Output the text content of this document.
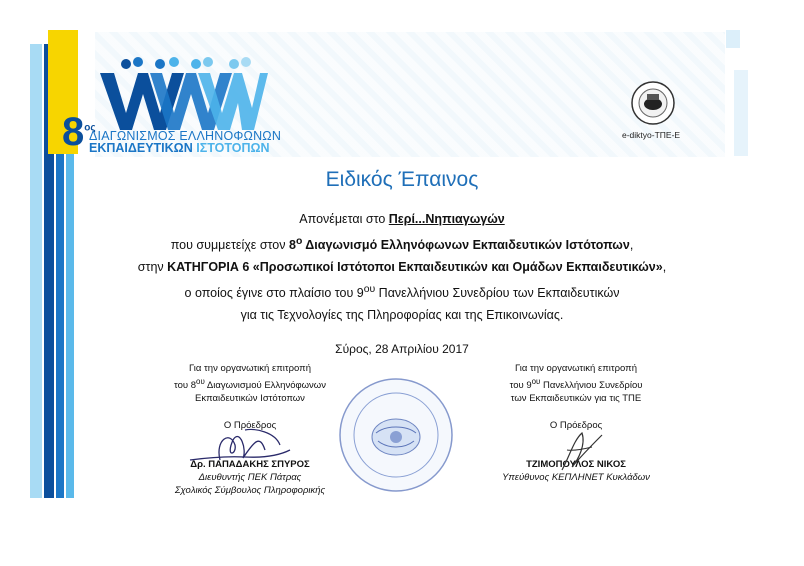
$8^{o\varsigma}$
ΔΙΑΓΩΝΙΣΜΟΣ ΕΛΛΗΝΟΦΩΝΩΝ
ΕΚΠΑΙΔΕΥΤΙΚΩΝ ΙΣΤΟΤΟΠΩΝ
e-diktyo-ΤΠΕ-Ε
Ειδικός Έπαινος
Απονέμεται στο Περί...Νηπιαγωγών
που συμμετείχε στον $8^o$ Διαγωνισμό Ελληνόφωνων Εκπαιδευτικών Ιστότοπων,
στην ΚΑΤΗΓΟΡΙΑ 6 «Προσωπικοί Ιστότοποι Εκπαιδευτικών και Ομάδων Εκπαιδευτικών»,
ο οποίος έγινε στο πλαίσιο του $9^{o\upsilon}$ Πανελλήνιου Συνεδρίου των Εκπαιδευτικών
για τις Τεχνολογίες της Πληροφορίας και της Επικοινωνίας.
Σύρος, 28 Απριλίου 2017
Για την οργανωτική επιτροπή
του $8^{o\upsilon}$ Διαγωνισμού Ελληνόφωνων
Εκπαιδευτικών Ιστότοπων
Ο Πρόεδρος
Δρ. ΠΑΠΑΔΑΚΗΣ ΣΠΥΡΟΣ
Διευθυντής ΠΕΚ Πάτρας
Σχολικός Σύμβουλος Πληροφορικής
Για την οργανωτική επιτροπή
του $9^{o\upsilon}$ Πανελλήνιου Συνεδρίου
των Εκπαιδευτικών για τις ΤΠΕ
Ο Πρόεδρος
ΤΖΙΜΟΠΟΥΛΟΣ ΝΙΚΟΣ
Υπεύθυνος ΚΕΠΛΗΝΕΤ Κυκλάδων
